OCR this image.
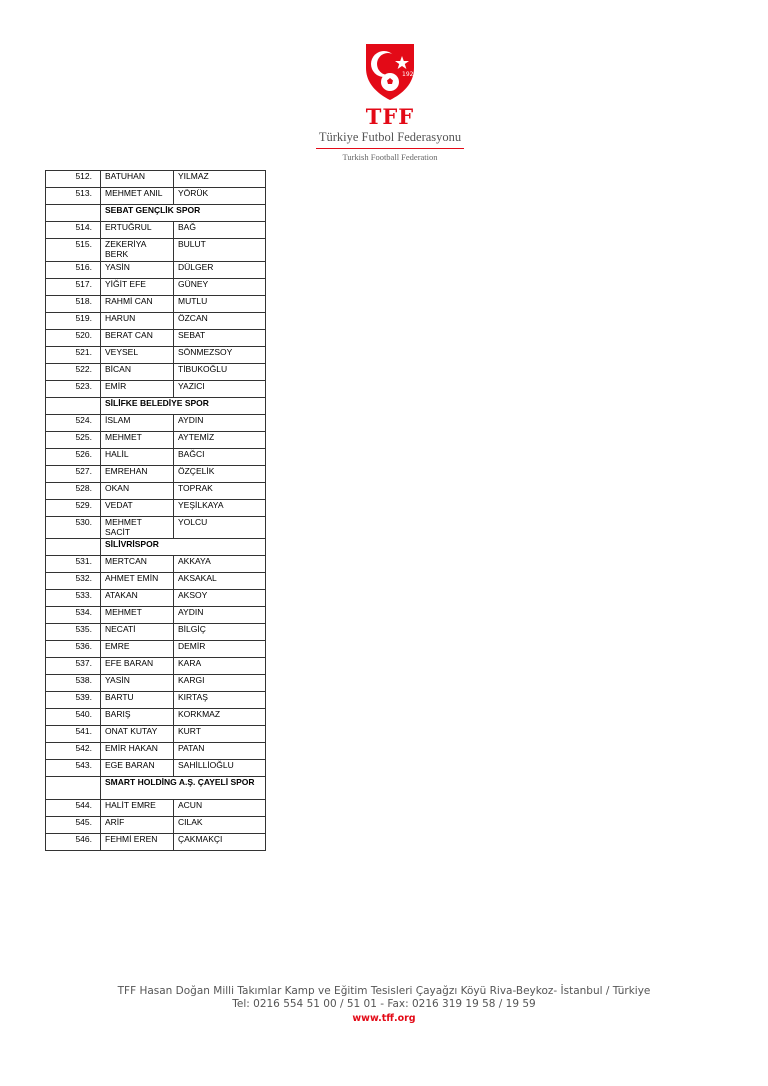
1923
TFF
Türkiye Futbol Federasyonu
Turkish Football Federation
512.	BATUHAN	YILMAZ
513.	MEHMET ANIL	YÖRÜK
	SEBAT GENÇLİK SPOR	
514.	ERTUĞRUL	BAĞ
515.	ZEKERİYA BERK	BULUT
516.	YASİN	DÜLGER
517.	YİĞİT EFE	GÜNEY
518.	RAHMİ CAN	MUTLU
519.	HARUN	ÖZCAN
520.	BERAT CAN	SEBAT
521.	VEYSEL	SÖNMEZSOY
522.	BİCAN	TİBUKOĞLU
523.	EMİR	YAZICI
	SİLİFKE BELEDİYE SPOR	
524.	İSLAM	AYDIN
525.	MEHMET	AYTEMİZ
526.	HALİL	BAĞCI
527.	EMREHAN	ÖZÇELİK
528.	OKAN	TOPRAK
529.	VEDAT	YEŞİLKAYA
530.	MEHMET SACİT	YOLCU
	SİLİVRİSPOR	
531.	MERTCAN	AKKAYA
532.	AHMET EMİN	AKSAKAL
533.	ATAKAN	AKSOY
534.	MEHMET	AYDIN
535.	NECATİ	BİLGİÇ
536.	EMRE	DEMİR
537.	EFE BARAN	KARA
538.	YASİN	KARGI
539.	BARTU	KIRTAŞ
540.	BARIŞ	KORKMAZ
541.	ONAT KUTAY	KURT
542.	EMİR HAKAN	PATAN
543.	EGE BARAN	SAHİLLİOĞLU
	SMART HOLDİNG A.Ş. ÇAYELİ SPOR	
544.	HALİT EMRE	ACUN
545.	ARİF	CILAK
546.	FEHMİ EREN	ÇAKMAKÇI
TFF Hasan Doğan Milli Takımlar Kamp ve Eğitim Tesisleri Çayağzı Köyü Riva-Beykoz- İstanbul / Türkiye
Tel: 0216 554 51 00 / 51 01 - Fax: 0216 319 19 58 / 19 59
www.tff.org
